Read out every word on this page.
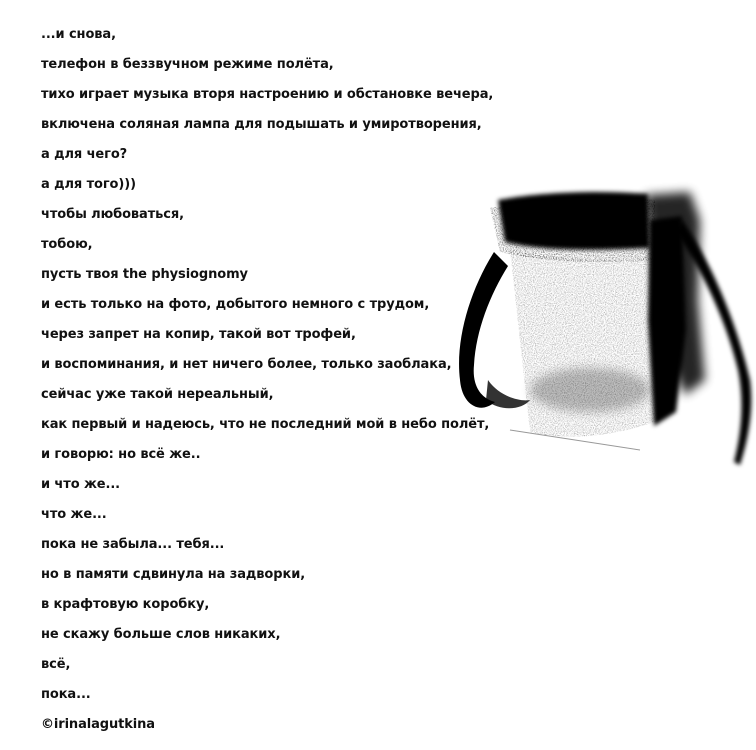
...и снова,
телефон в беззвучном режиме полёта,
тихо играет музыка вторя настроению и обстановке вечера,
включена соляная лампа для подышать и умиротворения,
а для чего?
а для того)))
чтобы любоваться,
тобою,
пусть твоя the physiognomy
и есть только на фото, добытого немного с трудом,
через запрет на копир, такой вот трофей,
и воспоминания, и нет ничего более, только заоблака,
сейчас уже такой нереальный,
как первый и надеюсь, что не последний мой в небо полёт,
и говорю: но всё же..
и что же...
что же...
пока не забыла... тебя...
но в памяти сдвинула на задворки,
в крафтовую коробку,
не скажу больше слов никаких,
всё,
пока...
©irinalagutkina
